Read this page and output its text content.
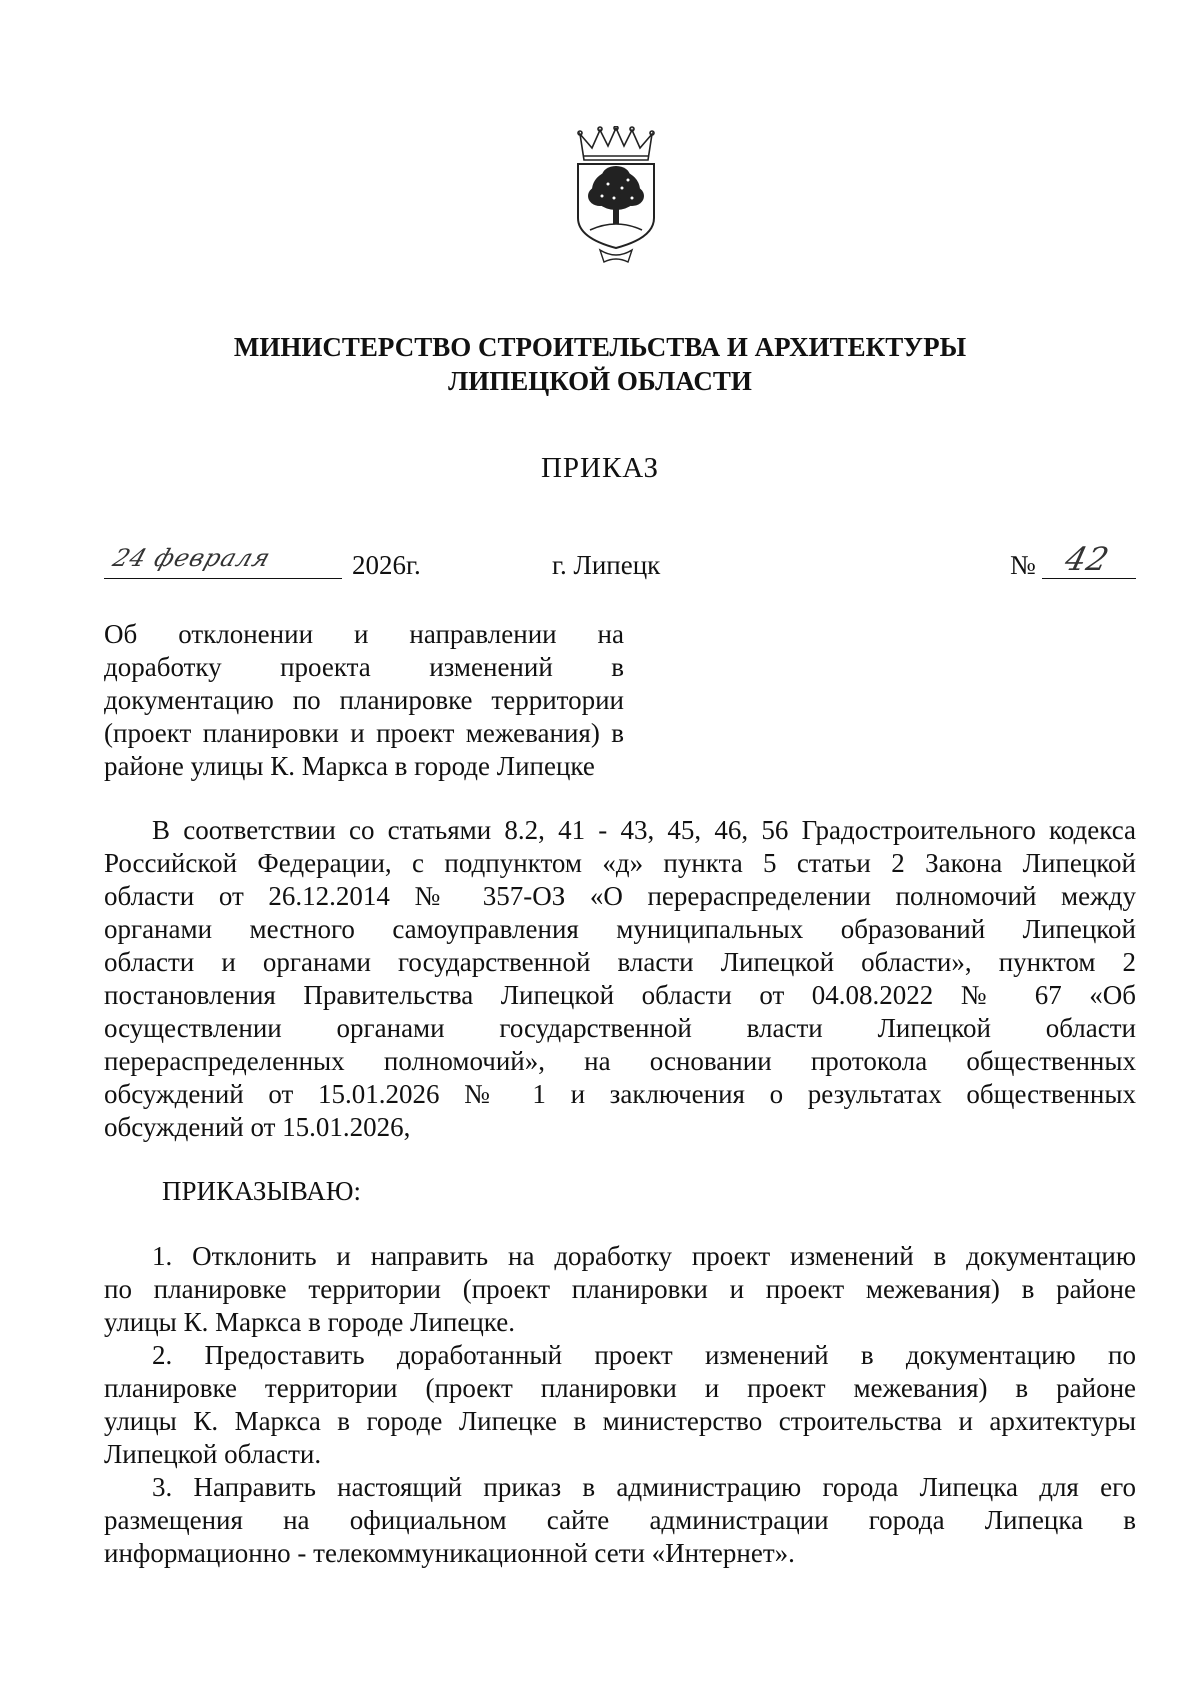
МИНИСТЕРСТВО СТРОИТЕЛЬСТВА И АРХИТЕКТУРЫ
ЛИПЕЦКОЙ ОБЛАСТИ
ПРИКАЗ
24 февраля	2026г.	г. Липецк	№ 42
Об отклонении и направлении на
доработку проекта изменений в
документацию по планировке территории
(проект планировки и проект межевания) в
районе улицы К. Маркса в городе Липецке
В соответствии со статьями 8.2, 41 - 43, 45, 46, 56 Градостроительного кодекса
Российской Федерации, с подпунктом «д» пункта 5 статьи 2 Закона Липецкой
области от 26.12.2014 № 357-ОЗ «О перераспределении полномочий между
органами местного самоуправления муниципальных образований Липецкой
области и органами государственной власти Липецкой области», пунктом 2
постановления Правительства Липецкой области от 04.08.2022 № 67 «Об
осуществлении органами государственной власти Липецкой области
перераспределенных полномочий», на основании протокола общественных
обсуждений от 15.01.2026 № 1 и заключения о результатах общественных
обсуждений от 15.01.2026,
ПРИКАЗЫВАЮ:
1. Отклонить и направить на доработку проект изменений в документацию
по планировке территории (проект планировки и проект межевания) в районе
улицы К. Маркса в городе Липецке.
2. Предоставить доработанный проект изменений в документацию по
планировке территории (проект планировки и проект межевания) в районе
улицы К. Маркса в городе Липецке в министерство строительства и архитектуры
Липецкой области.
3. Направить настоящий приказ в администрацию города Липецка для его
размещения на официальном сайте администрации города Липецка в
информационно - телекоммуникационной сети «Интернет».
